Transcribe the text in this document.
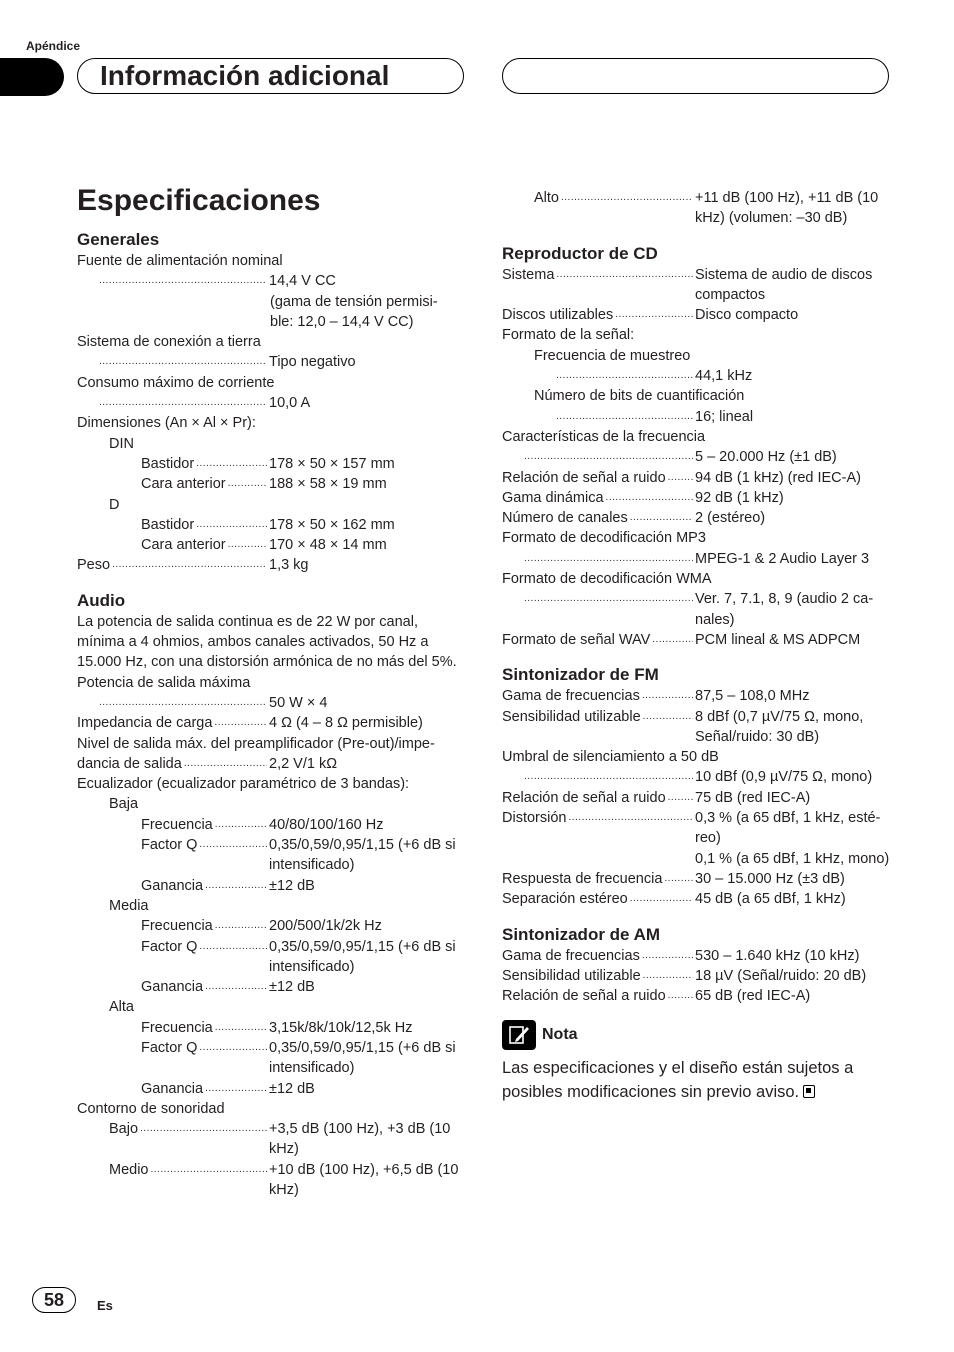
Apéndice
Información adicional
Especificaciones
Generales
Fuente de alimentación nominal
.....
14,4 V CC
(gama de tensión permisi-
ble: 12,0 – 14,4 V CC)
Sistema de conexión a tierra
.....
Tipo negativo
Consumo máximo de corriente
.....
10,0 A
Dimensiones (An × Al × Pr):
DIN
Bastidor .....	178 × 50 × 157 mm
Cara anterior .....	188 × 58 × 19 mm
D
Bastidor .....	178 × 50 × 162 mm
Cara anterior .....	170 × 48 × 14 mm
Peso .....	1,3 kg
Audio
La potencia de salida continua es de 22 W por canal, mínima a 4 ohmios, ambos canales activados, 50 Hz a 15.000 Hz, con una distorsión armónica de no más del 5%.
Potencia de salida máxima
.....
50 W × 4
Impedancia de carga .....	4 Ω (4 – 8 Ω permisible)
Nivel de salida máx. del preamplificador (Pre-out)/impe-
dancia de salida .....	2,2 V/1 kΩ
Ecualizador (ecualizador paramétrico de 3 bandas):
Baja
Frecuencia .....	40/80/100/160 Hz
Factor Q .....	0,35/0,59/0,95/1,15 (+6 dB si intensificado)
Ganancia .....	±12 dB
Media
Frecuencia .....	200/500/1k/2k Hz
Factor Q .....	0,35/0,59/0,95/1,15 (+6 dB si intensificado)
Ganancia .....	±12 dB
Alta
Frecuencia .....	3,15k/8k/10k/12,5k Hz
Factor Q .....	0,35/0,59/0,95/1,15 (+6 dB si intensificado)
Ganancia .....	±12 dB
Contorno de sonoridad
Bajo .....	+3,5 dB (100 Hz), +3 dB (10 kHz)
Medio .....	+10 dB (100 Hz), +6,5 dB (10 kHz)
Alto .....	+11 dB (100 Hz), +11 dB (10 kHz) (volumen: –30 dB)
Reproductor de CD
Sistema .....	Sistema de audio de discos compactos
Discos utilizables .....	Disco compacto
Formato de la señal:
Frecuencia de muestreo
.....
44,1 kHz
Número de bits de cuantificación
.....
16; lineal
Características de la frecuencia
.....
5 – 20.000 Hz (±1 dB)
Relación de señal a ruido ..... 94 dB (1 kHz) (red IEC-A)
Gama dinámica .....	92 dB (1 kHz)
Número de canales .....	2 (estéreo)
Formato de decodificación MP3
.....
MPEG-1 & 2 Audio Layer 3
Formato de decodificación WMA
.....
Ver. 7, 7.1, 8, 9 (audio 2 ca-nales)
Formato de señal WAV .....	PCM lineal & MS ADPCM
Sintonizador de FM
Gama de frecuencias .....	87,5 – 108,0 MHz
Sensibilidad utilizable .....	8 dBf (0,7 µV/75 Ω, mono, Señal/ruido: 30 dB)
Umbral de silenciamiento a 50 dB
.....
10 dBf (0,9 µV/75 Ω, mono)
Relación de señal a ruido ..... 75 dB (red IEC-A)
Distorsión .....	0,3 % (a 65 dBf, 1 kHz, esté-reo)
0,1 % (a 65 dBf, 1 kHz, mono)
Respuesta de frecuencia ..... 30 – 15.000 Hz (±3 dB)
Separación estéreo .....	45 dB (a 65 dBf, 1 kHz)
Sintonizador de AM
Gama de frecuencias .....	530 – 1.640 kHz (10 kHz)
Sensibilidad utilizable .....	18 µV (Señal/ruido: 20 dB)
Relación de señal a ruido ..... 65 dB (red IEC-A)
Nota
Las especificaciones y el diseño están sujetos a posibles modificaciones sin previo aviso.
58	Es
